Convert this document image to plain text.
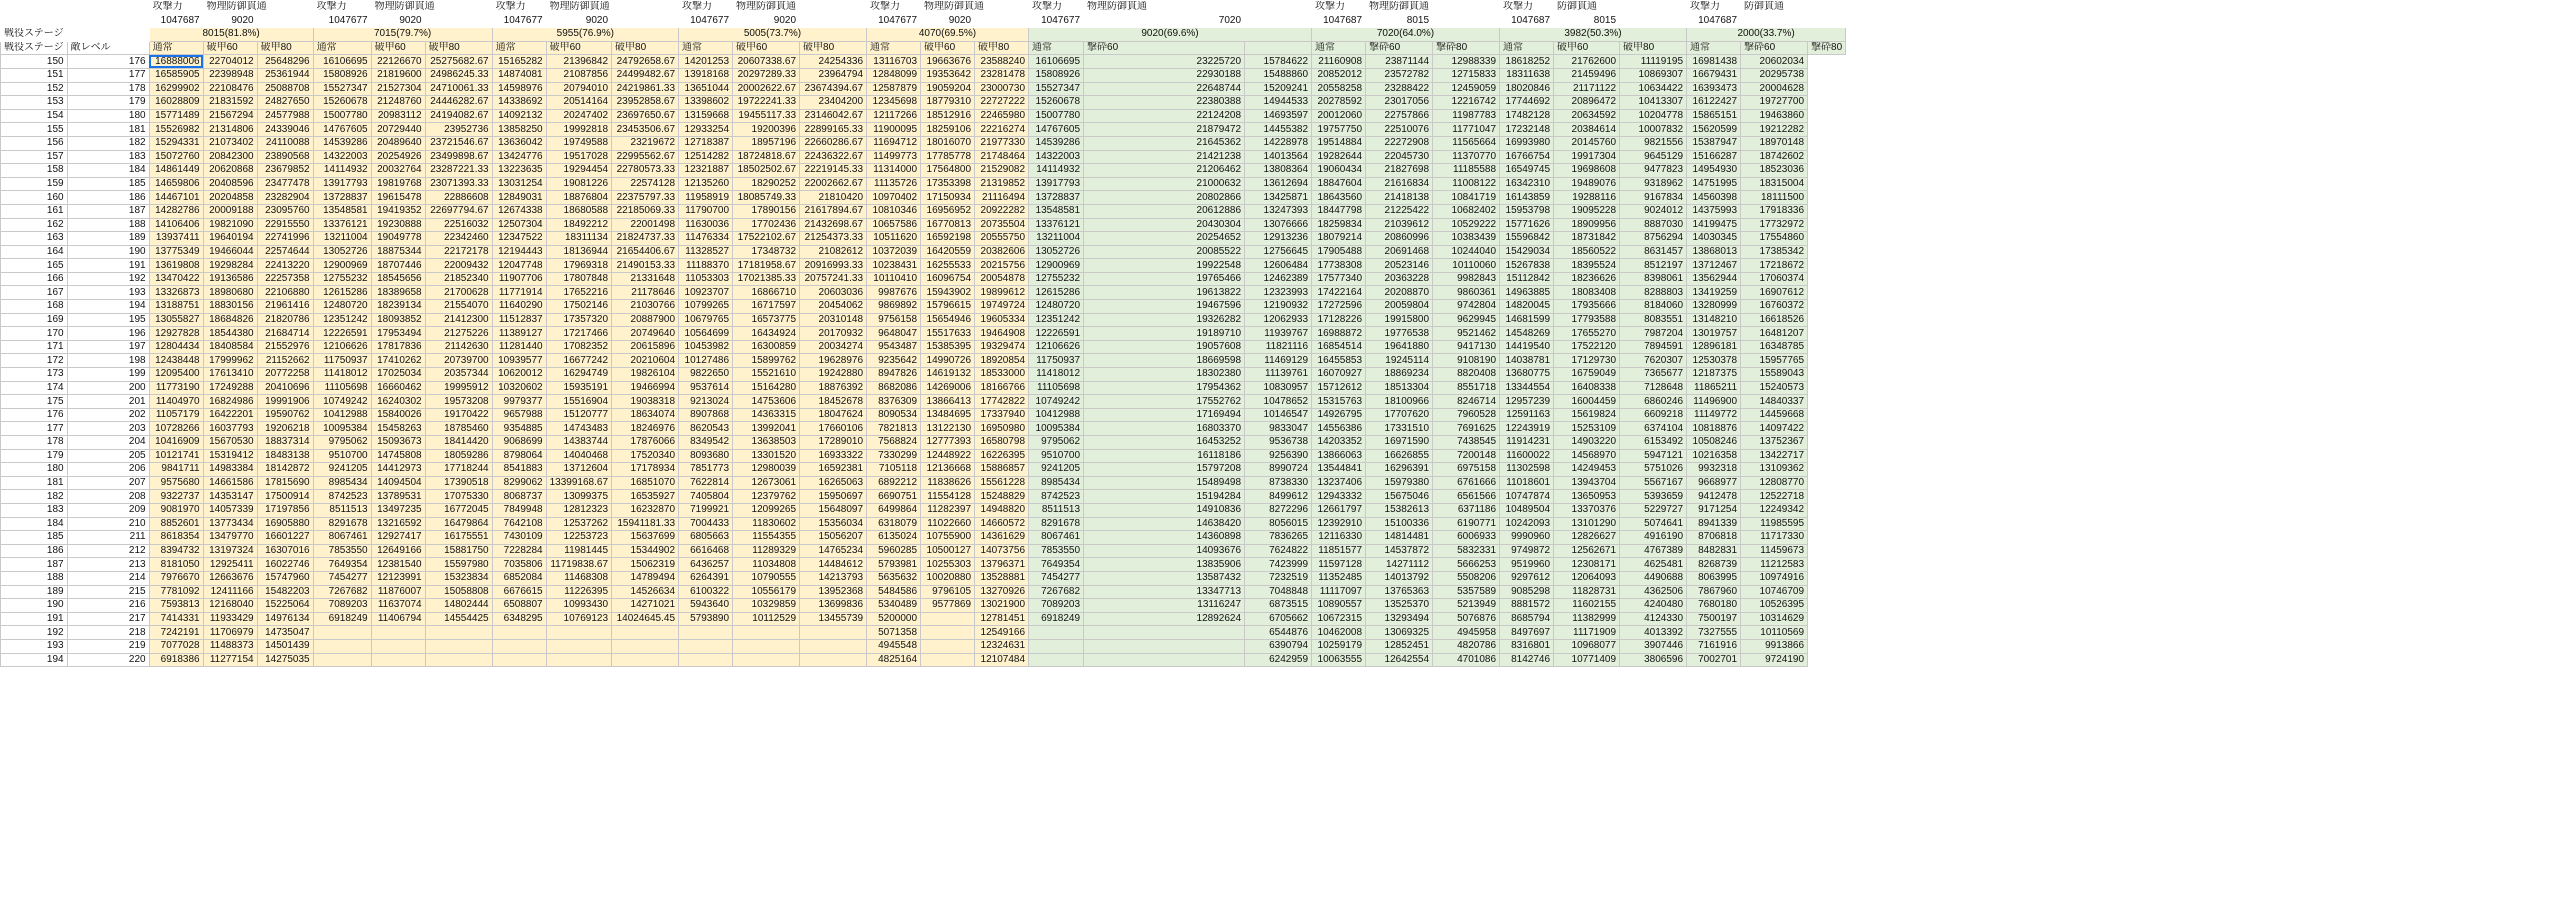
		攻撃力	物理防御貫通		攻撃力	物理防御貫通		攻撃力	物理防御貫通		攻撃力	物理防御貫通		攻撃力	物理防御貫通		攻撃力	物理防御貫通		攻撃力	物理防御貫通		攻撃力	防御貫通		攻撃力	防御貫通	
		1047687	9020		1047677	9020		1047677	9020		1047677	9020		1047677	9020		1047677	7020		1047687	8015		1047687	8015		1047687		
戦役ステージ		8015(81.8%)			7015(79.7%)			5955(76.9%)			5005(73.7%)			4070(69.5%)			9020(69.6%)			7020(64.0%)			3982(50.3%)			2000(33.7%)		
戦役ステージ	敵レベル	通常	破甲60	破甲80	通常	破甲60	破甲80	通常	破甲60	破甲80	通常	破甲60	破甲80	通常	破甲60	破甲80	通常	撃砕60		通常	撃砕60	撃砕80	通常	破甲60	破甲80	通常	撃砕60	撃砕80
150	176	16888006	22704012	25648296	16106695	22126670	25275682.67	15165282	21396842	24792658.67	14201253	20607338.67	24254336	13116703	19663676	23588240	16106695	23225720	15784622	21160908	23871144	12988339	18618252	21762600	11119195	16981438	20602034	
151	177	16585905	22398948	25361944	15808926	21819600	24986245.33	14874081	21087856	24499482.67	13918168	20297289.33	23964794	12848099	19353642	23281478	15808926	22930188	15488860	20852012	23572782	12715833	18311638	21459496	10869307	16679431	20295738	
152	178	16299902	22108476	25088708	15527347	21527304	24710061.33	14598976	20794010	24219861.33	13651044	20002622.67	23674394.67	12587879	19059204	23000730	15527347	22648744	15209241	20558258	23288422	12459059	18020846	21171122	10634422	16393473	20004628	
153	179	16028809	21831592	24827650	15260678	21248760	24446282.67	14338692	20514164	23952858.67	13398602	19722241.33	23404200	12345698	18779310	22727222	15260678	22380388	14944533	20278592	23017056	12216742	17744692	20896472	10413307	16122427	19727700	
154	180	15771489	21567294	24577988	15007780	20983112	24194082.67	14092132	20247402	23697650.67	13159668	19455117.33	23146042.67	12117266	18512916	22465980	15007780	22124208	14693597	20012060	22757866	11987783	17482128	20634592	10204778	15865151	19463860	
155	181	15526982	21314806	24339046	14767605	20729440	23952736	13858250	19992818	23453506.67	12933254	19200396	22899165.33	11900095	18259106	22216274	14767605	21879472	14455382	19757750	22510076	11771047	17232148	20384614	10007832	15620599	19212282	
156	182	15294331	21073402	24110088	14539286	20489640	23721546.67	13636042	19749588	23219672	12718387	18957196	22660286.67	11694712	18016070	21977330	14539286	21645362	14228978	19514884	22272908	11565664	16993980	20145760	9821556	15387947	18970148	
157	183	15072760	20842300	23890568	14322003	20254926	23499898.67	13424776	19517028	22995562.67	12514282	18724818.67	22436322.67	11499773	17785778	21748464	14322003	21421238	14013564	19282644	22045730	11370770	16766754	19917304	9645129	15166287	18742602	
158	184	14861449	20620868	23679852	14114932	20032764	23287221.33	13223635	19294454	22780573.33	12321887	18502502.67	22219145.33	11314000	17564800	21529082	14114932	21206462	13808364	19060434	21827698	11185588	16549745	19698608	9477823	14954930	18523036	
159	185	14659806	20408596	23477478	13917793	19819768	23071393.33	13031254	19081226	22574128	12135260	18290252	22002662.67	11135726	17353398	21319852	13917793	21000632	13612694	18847604	21616834	11008122	16342310	19489076	9318962	14751995	18315004	
160	186	14467101	20204858	23282904	13728837	19615478	22886608	12849031	18876804	22375797.33	11958919	18085749.33	21810420	10970402	17150934	21116494	13728837	20802866	13425871	18643560	21418138	10841719	16143859	19288116	9167834	14560398	18111500	
161	187	14282786	20009188	23095760	13548581	19419352	22697794.67	12674338	18680588	22185069.33	11790700	17890156	21617894.67	10810346	16956952	20922282	13548581	20612886	13247393	18447798	21225422	10682402	15953798	19095228	9024012	14375993	17918336	
162	188	14106406	19821090	22915550	13376121	19230888	22516032	12507304	18492212	22001498	11630036	17702436	21432698.67	10657586	16770813	20735504	13376121	20430304	13076666	18259834	21039612	10529222	15771626	18909956	8887030	14199475	17732972	
163	189	13937411	19640194	22741996	13211004	19049778	22342460	12347522	18311134	21824737.33	11476334	17522102.67	21254373.33	10511620	16592198	20555750	13211004	20254652	12913236	18079214	20860996	10383439	15596842	18731842	8756294	14030345	17554860	
164	190	13775349	19466044	22574644	13052726	18875344	22172178	12194443	18136944	21654406.67	11328527	17348732	21082612	10372039	16420559	20382606	13052726	20085522	12756645	17905488	20691468	10244040	15429034	18560522	8631457	13868013	17385342	
165	191	13619808	19298284	22413220	12900969	18707446	22009432	12047748	17969318	21490153.33	11188370	17181958.67	20916993.33	10238431	16255533	20215756	12900969	19922548	12606484	17738308	20523146	10110060	15267838	18395524	8512197	13712467	17218672	
166	192	13470422	19136586	22257358	12755232	18545656	21852340	11907706	17807848	21331648	11053303	17021385.33	20757241.33	10110410	16096754	20054878	12755232	19765466	12462389	17577340	20363228	9982843	15112842	18236626	8398061	13562944	17060374	
167	193	13326873	18980680	22106880	12615286	18389658	21700628	11771914	17652216	21178646	10923707	16866710	20603036	9987676	15943902	19899612	12615286	19613822	12323993	17422164	20208870	9860361	14963885	18083408	8288803	13419259	16907612	
168	194	13188751	18830156	21961416	12480720	18239134	21554070	11640290	17502146	21030766	10799265	16717597	20454062	9869892	15796615	19749724	12480720	19467596	12190932	17272596	20059804	9742804	14820045	17935666	8184060	13280999	16760372	
169	195	13055827	18684826	21820786	12351242	18093852	21412300	11512837	17357320	20887900	10679765	16573775	20310148	9756158	15654946	19605334	12351242	19326282	12062933	17128226	19915800	9629945	14681599	17793588	8083551	13148210	16618526	
170	196	12927828	18544380	21684714	12226591	17953494	21275226	11389127	17217466	20749640	10564699	16434924	20170932	9648047	15517633	19464908	12226591	19189710	11939767	16988872	19776538	9521462	14548269	17655270	7987204	13019757	16481207	
171	197	12804434	18408584	21552976	12106626	17817836	21142630	11281440	17082352	20615896	10453982	16300859	20034274	9543487	15385395	19329474	12106626	19057608	11821116	16854514	19641880	9417130	14419540	17522120	7894591	12896181	16348785	
172	198	12438448	17999962	21152662	11750937	17410262	20739700	10939577	16677242	20210604	10127486	15899762	19628976	9235642	14990726	18920854	11750937	18669598	11469129	16455853	19245114	9108190	14038781	17129730	7620307	12530378	15957765	
173	199	12095400	17613410	20772258	11418012	17025034	20357344	10620012	16294749	19826104	9822650	15521610	19242880	8947826	14619132	18533000	11418012	18302380	11139761	16070927	18869234	8820408	13680775	16759049	7365677	12187375	15589043	
174	200	11773190	17249288	20410696	11105698	16660462	19995912	10320602	15935191	19466994	9537614	15164280	18876392	8682086	14269006	18166766	11105698	17954362	10830957	15712612	18513304	8551718	13344554	16408338	7128648	11865211	15240573	
175	201	11404970	16824986	19991906	10749242	16240302	19573208	9979377	15516904	19038318	9213024	14753606	18452678	8376309	13866413	17742822	10749242	17552762	10478652	15315763	18100966	8246714	12957239	16004459	6860246	11496900	14840337	
176	202	11057179	16422201	19590762	10412988	15840026	19170422	9657988	15120777	18634074	8907868	14363315	18047624	8090534	13484695	17337940	10412988	17169494	10146547	14926795	17707620	7960528	12591163	15619824	6609218	11149772	14459668	
177	203	10728266	16037793	19206218	10095384	15458263	18785460	9354885	14743483	18246976	8620543	13992041	17660106	7821813	13122130	16950980	10095384	16803370	9833047	14556386	17331510	7691625	12243919	15253109	6374104	10818876	14097422	
178	204	10416909	15670530	18837314	9795062	15093673	18414420	9068699	14383744	17876066	8349542	13638503	17289010	7568824	12777393	16580798	9795062	16453252	9536738	14203352	16971590	7438545	11914231	14903220	6153492	10508246	13752367	
179	205	10121741	15319412	18483138	9510700	14745808	18059286	8798064	14040468	17520340	8093680	13301520	16933322	7330299	12448922	16226395	9510700	16118186	9256390	13866063	16626855	7200148	11600022	14568970	5947121	10216358	13422717	
180	206	9841711	14983384	18142872	9241205	14412973	17718244	8541883	13712604	17178934	7851773	12980039	16592381	7105118	12136668	15886857	9241205	15797208	8990724	13544841	16296391	6975158	11302598	14249453	5751026	9932318	13109362	
181	207	9575680	14661586	17815690	8985434	14094504	17390518	8299062	13399168.67	16851070	7622814	12673061	16265063	6892212	11838626	15561228	8985434	15489498	8738330	13237406	15979380	6761666	11018601	13943704	5567167	9668977	12808770	
182	208	9322737	14353147	17500914	8742523	13789531	17075330	8068737	13099375	16535927	7405804	12379762	15950697	6690751	11554128	15248829	8742523	15194284	8499612	12943332	15675046	6561566	10747874	13650953	5393659	9412478	12522718	
183	209	9081970	14057339	17197856	8511513	13497235	16772045	7849948	12812323	16232870	7199921	12099265	15648097	6499864	11282397	14948820	8511513	14910836	8272296	12661797	15382613	6371186	10489504	13370376	5229727	9171254	12249342	
184	210	8852601	13773434	16905880	8291678	13216592	16479864	7642108	12537262	15941181.33	7004433	11830602	15356034	6318079	11022660	14660572	8291678	14638420	8056015	12392910	15100336	6190771	10242093	13101290	5074641	8941339	11985595	
185	211	8618354	13479770	16601227	8067461	12927417	16175551	7430109	12253723	15637699	6805663	11554355	15056207	6135024	10755900	14361629	8067461	14360898	7836265	12116330	14814481	6006933	9990960	12826627	4916190	8706818	11717330	
186	212	8394732	13197324	16307016	7853550	12649166	15881750	7228284	11981445	15344902	6616468	11289329	14765234	5960285	10500127	14073756	7853550	14093676	7624822	11851577	14537872	5832331	9749872	12562671	4767389	8482831	11459673	
187	213	8181050	12925411	16022746	7649354	12381540	15597980	7035806	11719838.67	15062319	6436257	11034808	14484612	5793981	10255303	13796371	7649354	13835906	7423999	11597128	14271112	5666253	9519960	12308171	4625481	8268739	11212583	
188	214	7976670	12663676	15747960	7454277	12123991	15323834	6852084	11468308	14789494	6264391	10790555	14213793	5635632	10020880	13528881	7454277	13587432	7232519	11352485	14013792	5508206	9297612	12064093	4490688	8063995	10974916	
189	215	7781092	12411166	15482203	7267682	11876007	15058808	6676615	11226395	14526634	6100322	10556179	13952368	5484586	9796105	13270926	7267682	13347713	7048848	11117097	13765363	5357589	9085298	11828731	4362506	7867960	10746709	
190	216	7593813	12168040	15225064	7089203	11637074	14802444	6508807	10993430	14271021	5943640	10329859	13699836	5340489	9577869	13021900	7089203	13116247	6873515	10890557	13525370	5213949	8881572	11602155	4240480	7680180	10526395	
191	217	7414331	11933429	14976134	6918249	11406794	14554425	6348295	10769123	14024645.45	5793890	10112529	13455739	5200000		12781451	6918249	12892624	6705662	10672315	13293494	5076876	8685794	11382999	4124330	7500197	10314629	
192	218	7242191	11706979	14735047										5071358		12549166			6544876	10462008	13069325	4945958	8497697	11171909	4013392	7327555	10110569	
193	219	7077028	11488373	14501439										4945548		12324631			6390794	10259179	12852451	4820786	8316801	10968077	3907446	7161916	9913866	
194	220	6918386	11277154	14275035										4825164		12107484			6242959	10063555	12642554	4701086	8142746	10771409	3806596	7002701	9724190	
